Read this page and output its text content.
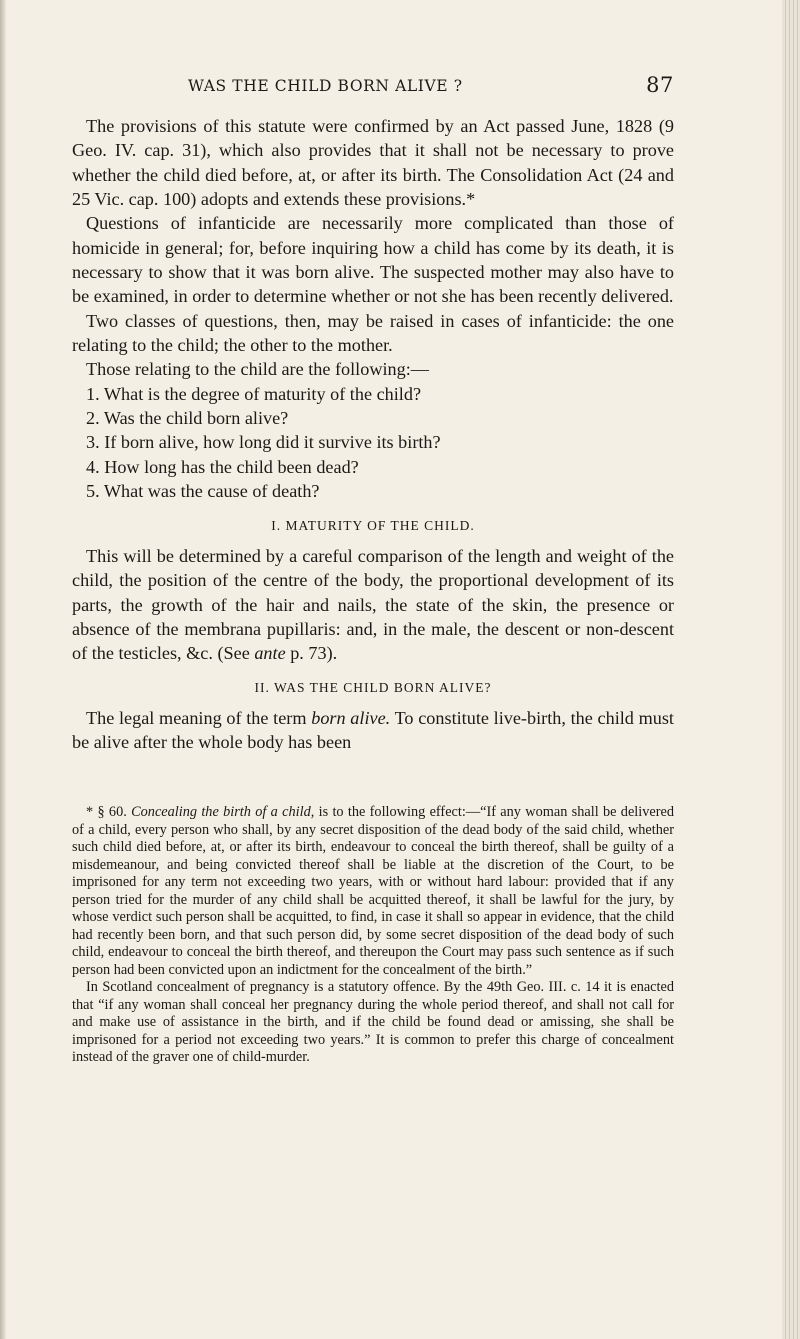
WAS THE CHILD BORN ALIVE ?	87

The provisions of this statute were confirmed by an Act passed June, 1828 (9 Geo. IV. cap. 31), which also provides that it shall not be necessary to prove whether the child died before, at, or after its birth. The Consolidation Act (24 and 25 Vic. cap. 100) adopts and extends these provisions.*

Questions of infanticide are necessarily more complicated than those of homicide in general; for, before inquiring how a child has come by its death, it is necessary to show that it was born alive. The suspected mother may also have to be examined, in order to determine whether or not she has been recently delivered.

Two classes of questions, then, may be raised in cases of infanticide: the one relating to the child; the other to the mother.

Those relating to the child are the following:—

1. What is the degree of maturity of the child?
2. Was the child born alive?
3. If born alive, how long did it survive its birth?
4. How long has the child been dead?
5. What was the cause of death?
I. MATURITY OF THE CHILD.

This will be determined by a careful comparison of the length and weight of the child, the position of the centre of the body, the proportional development of its parts, the growth of the hair and nails, the state of the skin, the presence or absence of the membrana pupillaris: and, in the male, the descent or non-descent of the testicles, &c. (See ante p. 73).

II. WAS THE CHILD BORN ALIVE?

The legal meaning of the term born alive. To constitute live-birth, the child must be alive after the whole body has been

* § 60. Concealing the birth of a child, is to the following effect:—“If any woman shall be delivered of a child, every person who shall, by any secret disposition of the dead body of the said child, whether such child died before, at, or after its birth, endeavour to conceal the birth thereof, shall be guilty of a misdemeanour, and being convicted thereof shall be liable at the discretion of the Court, to be imprisoned for any term not exceeding two years, with or without hard labour: provided that if any person tried for the murder of any child shall be acquitted thereof, it shall be lawful for the jury, by whose verdict such person shall be acquitted, to find, in case it shall so appear in evidence, that the child had recently been born, and that such person did, by some secret disposition of the dead body of such child, endeavour to conceal the birth thereof, and thereupon the Court may pass such sentence as if such person had been convicted upon an indictment for the concealment of the birth.”

In Scotland concealment of pregnancy is a statutory offence. By the 49th Geo. III. c. 14 it is enacted that “if any woman shall conceal her pregnancy during the whole period thereof, and shall not call for and make use of assistance in the birth, and if the child be found dead or amissing, she shall be imprisoned for a period not exceeding two years.” It is common to prefer this charge of concealment instead of the graver one of child-murder.
